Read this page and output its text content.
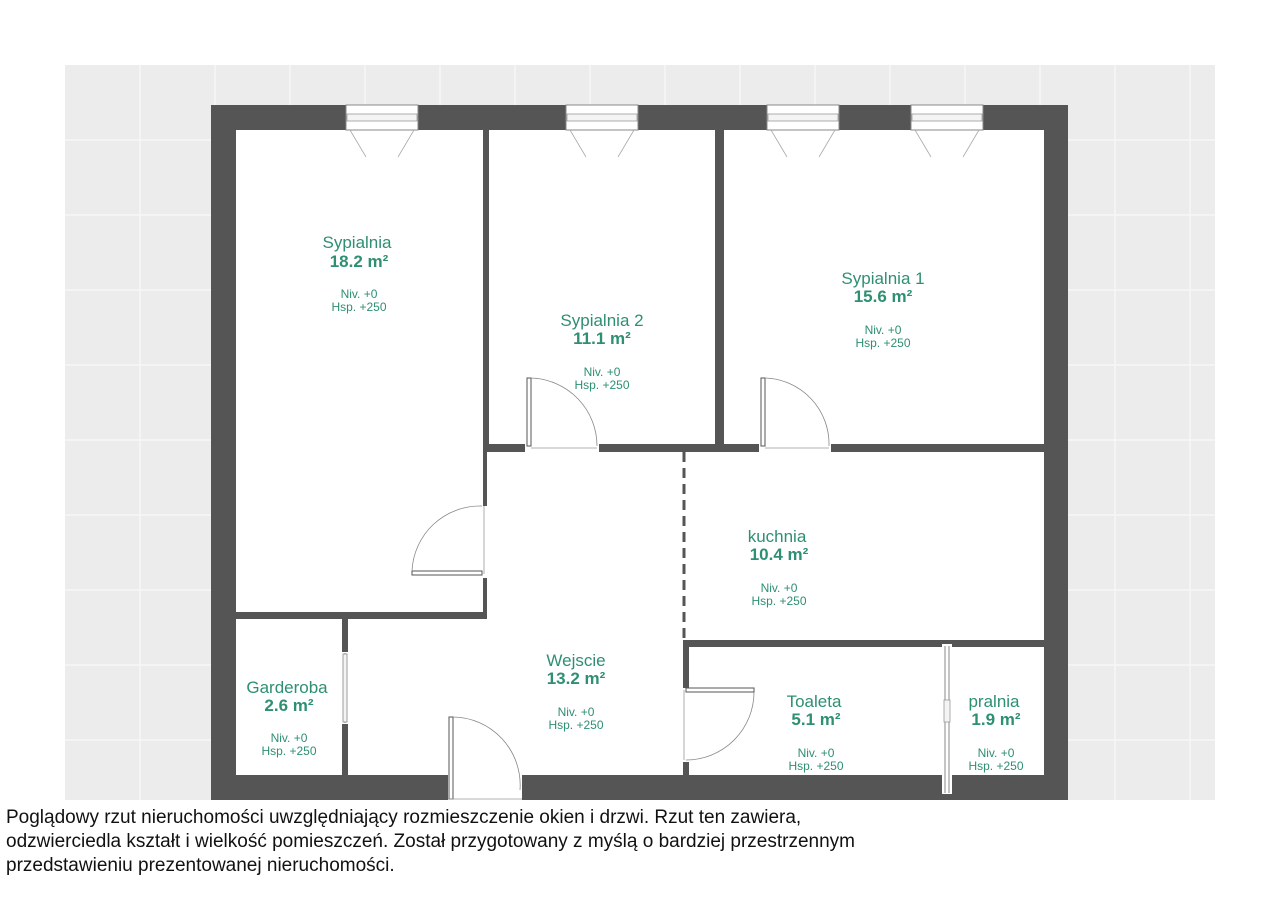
Sypialnia
18.2 m²
Niv. +0
Hsp. +250
Sypialnia 2
11.1 m²
Niv. +0
Hsp. +250
Sypialnia 1
15.6 m²
Niv. +0
Hsp. +250
kuchnia
10.4 m²
Niv. +0
Hsp. +250
Garderoba
2.6 m²
Niv. +0
Hsp. +250
Wejscie
13.2 m²
Niv. +0
Hsp. +250
Toaleta
5.1 m²
Niv. +0
Hsp. +250
pralnia
1.9 m²
Niv. +0
Hsp. +250
Poglądowy rzut nieruchomości uwzględniający rozmieszczenie okien i drzwi. Rzut ten zawiera,
odzwierciedla kształt i wielkość pomieszczeń. Został przygotowany z myślą o bardziej przestrzennym
przedstawieniu prezentowanej nieruchomości.
